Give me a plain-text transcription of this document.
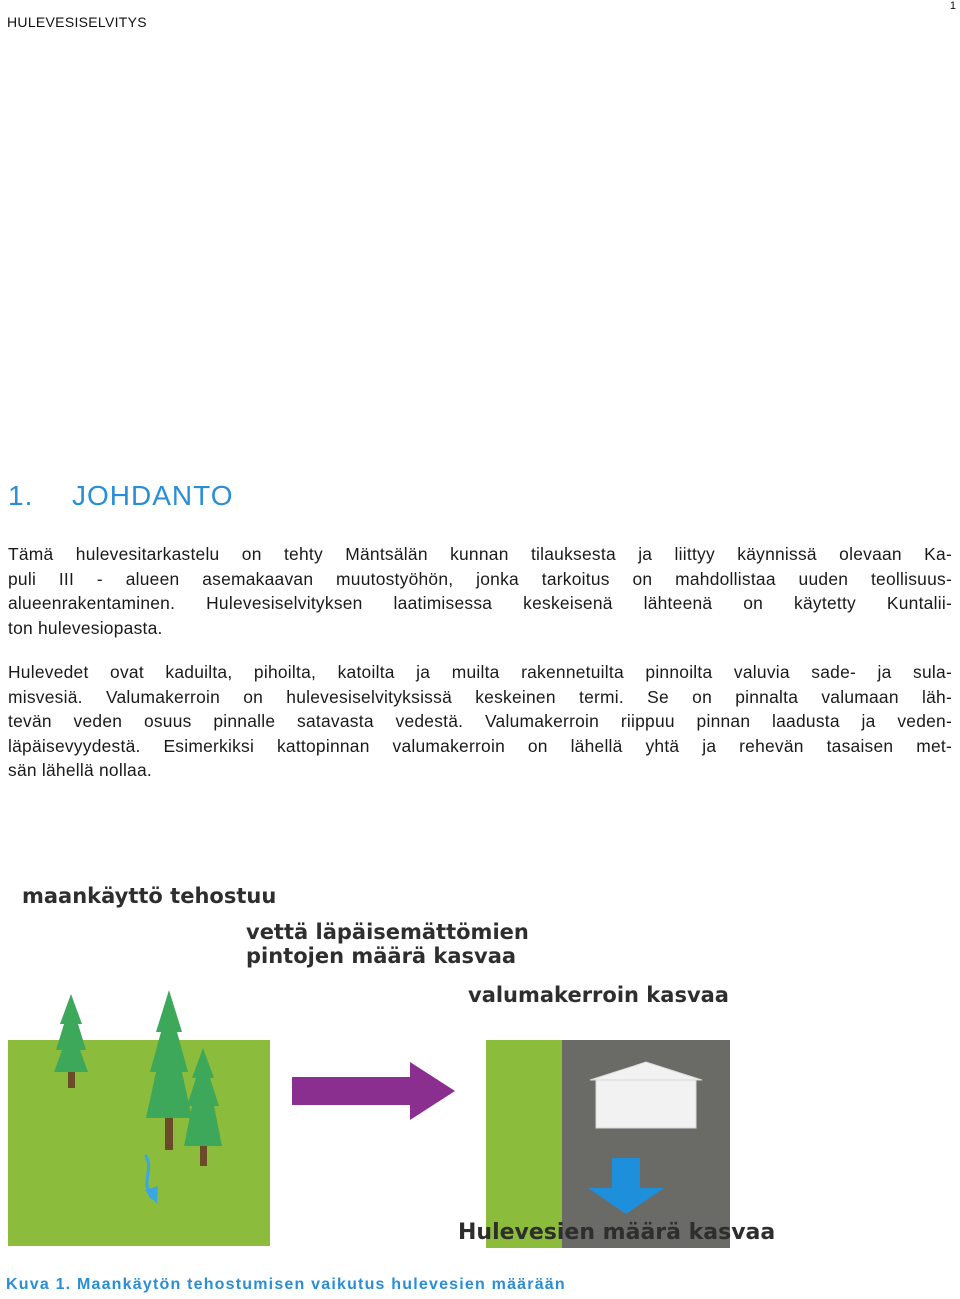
HULEVESISELVITYS
1
1. JOHDANTO
Tämä hulevesitarkastelu on tehty Mäntsälän kunnan tilauksesta ja liittyy käynnissä olevaan Ka-
puli III - alueen asemakaavan muutostyöhön, jonka tarkoitus on mahdollistaa uuden teollisuus-
alueenrakentaminen. Hulevesiselvityksen laatimisessa keskeisenä lähteenä on käytetty Kuntalii-
ton hulevesiopasta.
Hulevedet ovat kaduilta, pihoilta, katoilta ja muilta rakennetuilta pinnoilta valuvia sade- ja sula-
misvesiä. Valumakerroin on hulevesiselvityksissä keskeinen termi. Se on pinnalta valumaan läh-
tevän veden osuus pinnalle satavasta vedestä. Valumakerroin riippuu pinnan laadusta ja veden-
läpäisevyydestä. Esimerkiksi kattopinnan valumakerroin on lähellä yhtä ja rehevän tasaisen met-
sän lähellä nollaa.
maankäyttö tehostuu
vettä läpäisemättömien
pintojen määrä kasvaa
valumakerroin kasvaa
Hulevesien määrä kasvaa
Kuva 1. Maankäytön tehostumisen vaikutus hulevesien määrään
